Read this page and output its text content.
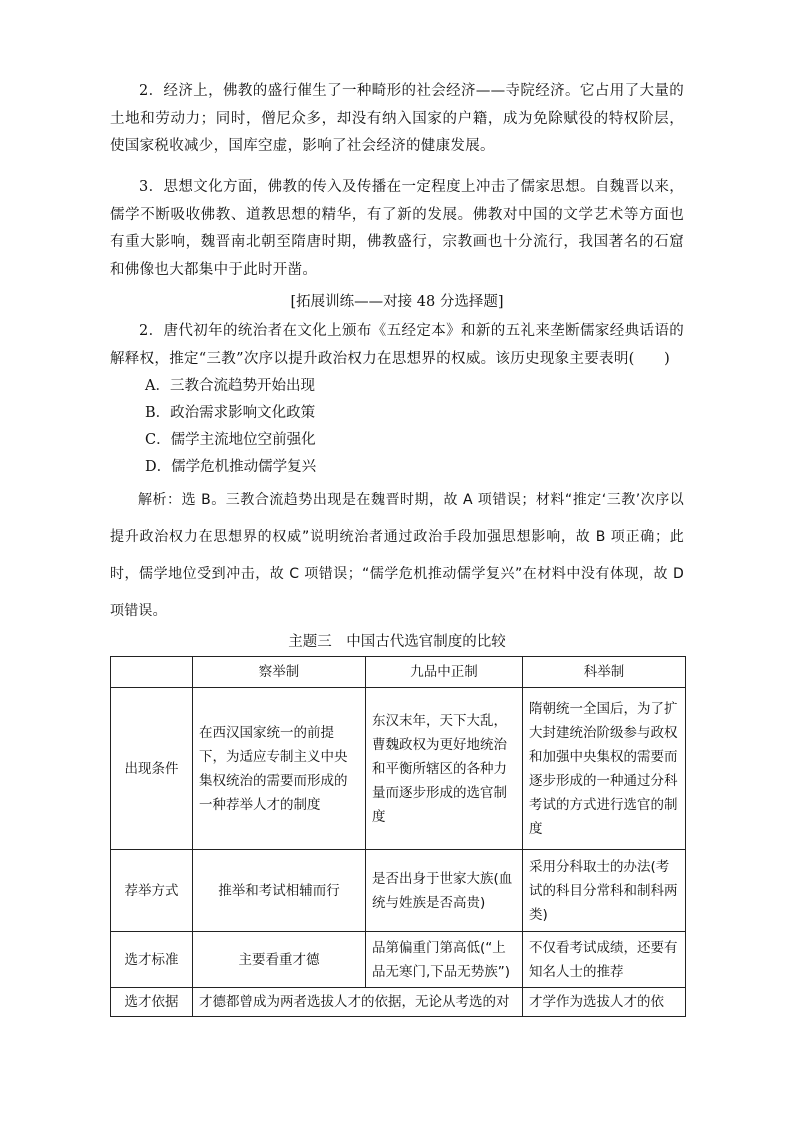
2．经济上，佛教的盛行催生了一种畸形的社会经济——寺院经济。它占用了大量的土地和劳动力；同时，僧尼众多，却没有纳入国家的户籍，成为免除赋役的特权阶层，使国家税收减少，国库空虚，影响了社会经济的健康发展。

3．思想文化方面，佛教的传入及传播在一定程度上冲击了儒家思想。自魏晋以来，儒学不断吸收佛教、道教思想的精华，有了新的发展。佛教对中国的文学艺术等方面也有重大影响，魏晋南北朝至隋唐时期，佛教盛行，宗教画也十分流行，我国著名的石窟和佛像也大都集中于此时开凿。

[拓展训练——对接 48 分选择题]

2．唐代初年的统治者在文化上颁布《五经定本》和新的五礼来垄断儒家经典话语的解释权，推定“三教”次序以提升政治权力在思想界的权威。该历史现象主要表明(　　)

A．三教合流趋势开始出现
B．政治需求影响文化政策
C．儒学主流地位空前强化
D．儒学危机推动儒学复兴

解析：选 B。三教合流趋势出现是在魏晋时期，故 A 项错误；材料“推定‘三教’次序以提升政治权力在思想界的权威”说明统治者通过政治手段加强思想影响，故 B 项正确；此时，儒学地位受到冲击，故 C 项错误；“儒学危机推动儒学复兴”在材料中没有体现，故 D 项错误。

主题三　中国古代选官制度的比较
	察举制	九品中正制	科举制
出现条件	在西汉国家统一的前提下，为适应专制主义中央集权统治的需要而形成的一种荐举人才的制度	东汉末年，天下大乱，曹魏政权为更好地统治和平衡所辖区的各种力量而逐步形成的选官制度	隋朝统一全国后，为了扩大封建统治阶级参与政权和加强中央集权的需要而逐步形成的一种通过分科考试的方式进行选官的制度
荐举方式	推举和考试相辅而行	是否出身于世家大族(血统与姓族是否高贵)	采用分科取士的办法(考试的科目分常科和制科两类)
选才标准	主要看重才德	品第偏重门第高低(“上品无寒门,下品无势族”)	不仅看考试成绩，还要有知名人士的推荐
选才依据	才德都曾成为两者选拔人才的依据，无论从考选的对		才学作为选拔人才的依
